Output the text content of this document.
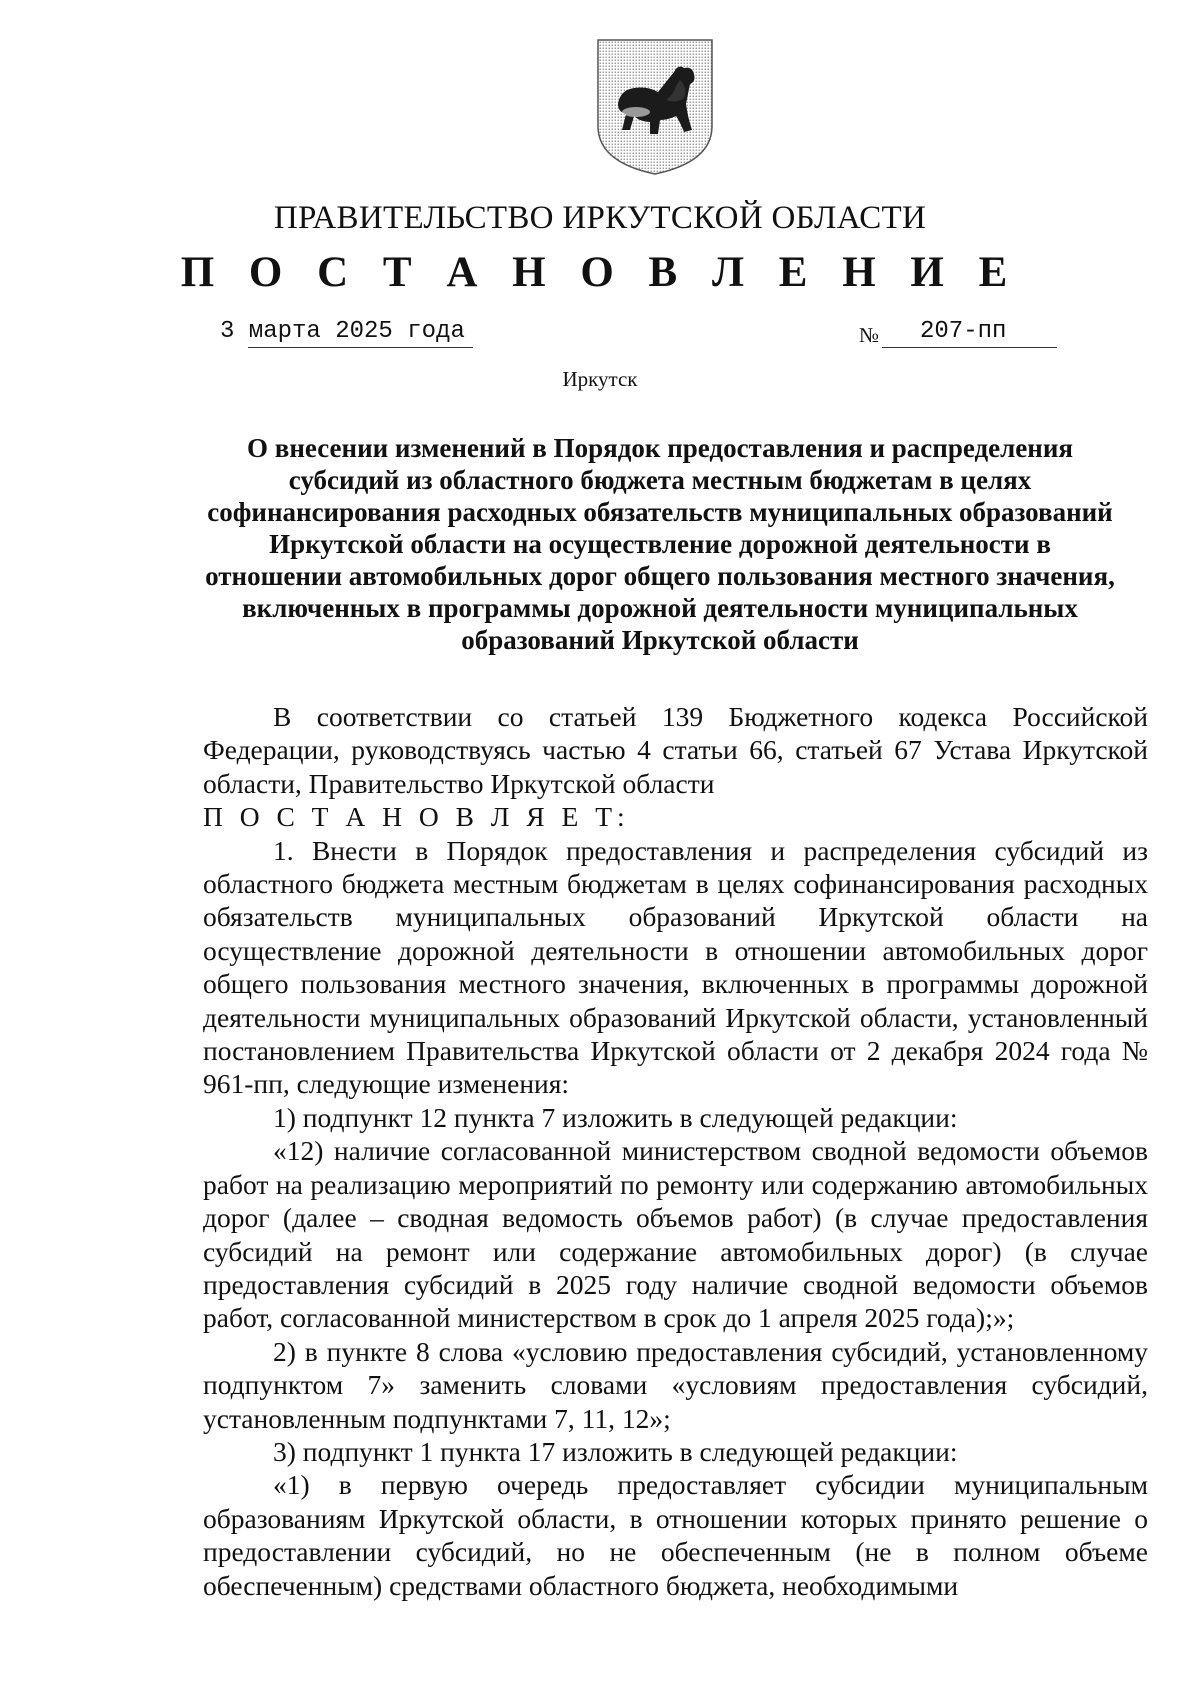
ПРАВИТЕЛЬСТВО ИРКУТСКОЙ ОБЛАСТИ
П О С Т А Н О В Л Е Н И Е
3 марта 2025 года	№ 207-пп
Иркутск
О внесении изменений в Порядок предоставления и распределения субсидий из областного бюджета местным бюджетам в целях софинансирования расходных обязательств муниципальных образований Иркутской области на осуществление дорожной деятельности в отношении автомобильных дорог общего пользования местного значения, включенных в программы дорожной деятельности муниципальных образований Иркутской области

В соответствии со статьей 139 Бюджетного кодекса Российской Федерации, руководствуясь частью 4 статьи 66, статьей 67 Устава Иркутской области, Правительство Иркутской области

П О С Т А Н О В Л Я Е Т:

1. Внести в Порядок предоставления и распределения субсидий из областного бюджета местным бюджетам в целях софинансирования расходных обязательств муниципальных образований Иркутской области на осуществление дорожной деятельности в отношении автомобильных дорог общего пользования местного значения, включенных в программы дорожной деятельности муниципальных образований Иркутской области, установленный постановлением Правительства Иркутской области от 2 декабря 2024 года № 961-пп, следующие изменения:

1) подпункт 12 пункта 7 изложить в следующей редакции:

«12) наличие согласованной министерством сводной ведомости объемов работ на реализацию мероприятий по ремонту или содержанию автомобильных дорог (далее – сводная ведомость объемов работ) (в случае предоставления субсидий на ремонт или содержание автомобильных дорог) (в случае предоставления субсидий в 2025 году наличие сводной ведомости объемов работ, согласованной министерством в срок до 1 апреля 2025 года);»;

2) в пункте 8 слова «условию предоставления субсидий, установленному подпунктом 7» заменить словами «условиям предоставления субсидий, установленным подпунктами 7, 11, 12»;

3) подпункт 1 пункта 17 изложить в следующей редакции:

«1) в первую очередь предоставляет субсидии муниципальным образованиям Иркутской области, в отношении которых принято решение о предоставлении субсидий, но не обеспеченным (не в полном объеме обеспеченным) средствами областного бюджета, необходимыми
